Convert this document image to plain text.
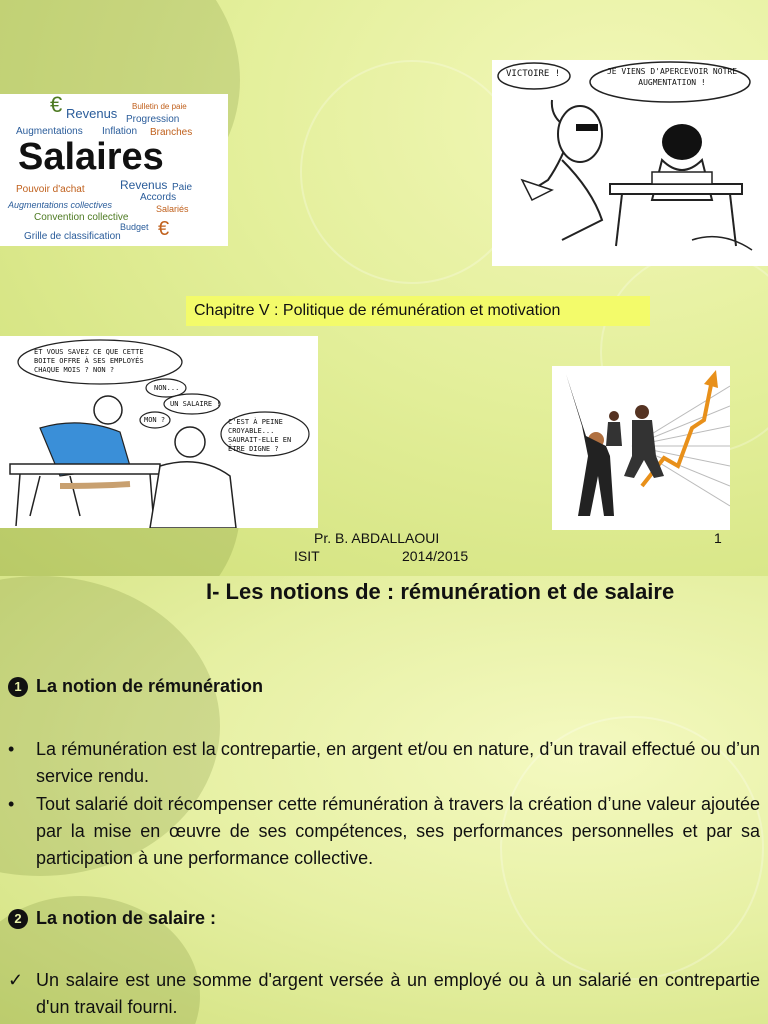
€ Revenus Bulletin de paie
Progression
Augmentations Inflation Branches
Salaires
Pouvoir d'achat	Revenus Paie
Accords
Augmentations collectives	Salariés
Convention collective
Budget
Grille de classification €
VICTOIRE !	JE VIENS D'APERCEVOIR NOTRE AUGMENTATION !
Chapitre V : Politique de rémunération et motivation
ET VOUS SAVEZ CE QUE CETTE BOITE OFFRE À SES EMPLOYÉS CHAQUE MOIS ? NON ?
NON...
UN SALAIRE !
MON ?	C'EST À PEINE CROYABLE... SAURAIT-ELLE EN ÊTRE DIGNE ?
Pr. B. ABDALLAOUI	1
ISIT	2014/2015
I- Les notions de : rémunération et de salaire
1 La notion de rémunération
• La rémunération est la contrepartie, en argent et/ou en nature, d’un travail effectué ou d’un service rendu.
• Tout salarié doit récompenser cette rémunération à travers la création d’une valeur ajoutée par la mise en œuvre de ses compétences, ses performances personnelles et par sa participation à une performance collective.
2 La notion de salaire :
✓ Un salaire est une somme d'argent versée à un employé ou à un salarié en contrepartie d'un travail fourni.
